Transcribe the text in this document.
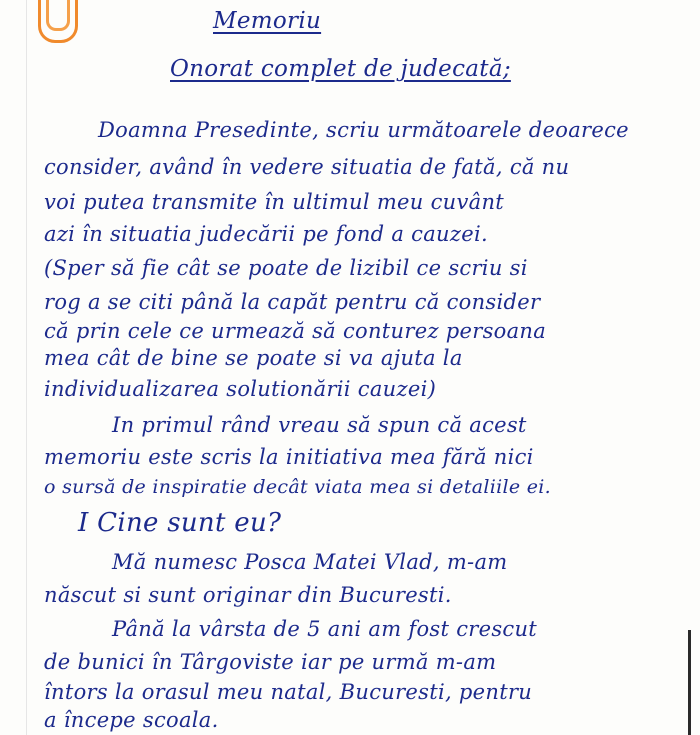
Memoriu
Onorat complet de judecată;
Doamna Presedinte, scriu următoarele deoarece
consider, având în vedere situatia de fată, că nu
voi putea transmite în ultimul meu cuvânt
azi în situatia judecării pe fond a cauzei.
(Sper să fie cât se poate de lizibil ce scriu si
rog a se citi până la capăt pentru că consider
că prin cele ce urmează să conturez persoana
mea cât de bine se poate si va ajuta la
individualizarea solutionării cauzei)
In primul rând vreau să spun că acest
memoriu este scris la initiativa mea fără nici
o sursă de inspiratie decât viata mea si detaliile ei.
I Cine sunt eu?
Mă numesc Posca Matei Vlad, m-am
născut si sunt originar din Bucuresti.
Până la vârsta de 5 ani am fost crescut
de bunici în Târgoviste iar pe urmă m-am
întors la orasul meu natal, Bucuresti, pentru
a începe scoala.
